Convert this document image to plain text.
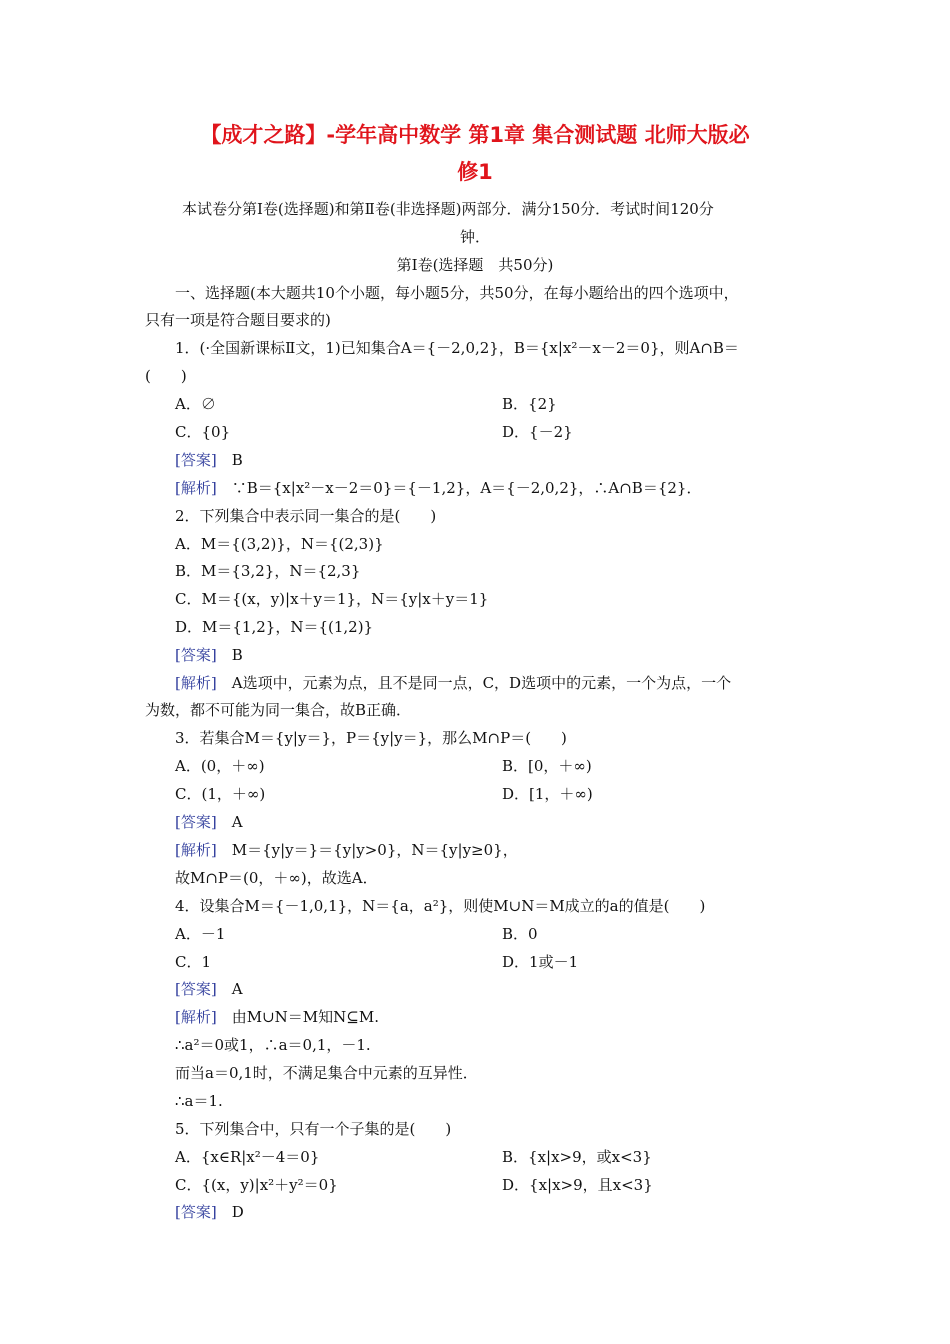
【成才之路】-学年高中数学 第1章 集合测试题 北师大版必
修1
本试卷分第Ⅰ卷(选择题)和第Ⅱ卷(非选择题)两部分．满分150分．考试时间120分
钟．
第Ⅰ卷(选择题　共50分)
一、选择题(本大题共10个小题，每小题5分，共50分，在每小题给出的四个选项中，
只有一项是符合题目要求的)
1．(·全国新课标Ⅱ文，1)已知集合A＝{－2,0,2}，B＝{x|x²－x－2＝0}，则A∩B＝
(　　)
A．∅	B．{2}
C．{0}	D．{－2}
[答案]　 B
[解析]　 ∵B＝{x|x²－x－2＝0}＝{－1,2}，A＝{－2,0,2}，∴A∩B＝{2}．
2．下列集合中表示同一集合的是(　　)
A．M＝{(3,2)}，N＝{(2,3)}
B．M＝{3,2}，N＝{2,3}
C．M＝{(x，y)|x＋y＝1}，N＝{y|x＋y＝1}
D．M＝{1,2}，N＝{(1,2)}
[答案]　 B
[解析]　 A选项中，元素为点，且不是同一点，C，D选项中的元素，一个为点，一个
为数，都不可能为同一集合，故B正确．
3．若集合M＝{y|y＝}，P＝{y|y＝}，那么M∩P＝(　　)
A．(0，＋∞)	B．[0，＋∞)
C．(1，＋∞)	D．[1，＋∞)
[答案]　 A
[解析]　 M＝{y|y＝}＝{y|y>0}，N＝{y|y≥0}，
故M∩P＝(0，＋∞)，故选A．
4．设集合M＝{－1,0,1}，N＝{a，a²}，则使M∪N＝M成立的a的值是(　　)
A．－1	B．0
C．1	D．1或－1
[答案]　 A
[解析]　 由M∪N＝M知N⊆M.
∴a²＝0或1，∴a＝0,1，－1.
而当a＝0,1时，不满足集合中元素的互异性．
∴a＝1.
5．下列集合中，只有一个子集的是(　　)
A．{x∈R|x²－4＝0}	B．{x|x>9，或x<3}
C．{(x，y)|x²＋y²＝0}	D．{x|x>9，且x<3}
[答案]　 D
